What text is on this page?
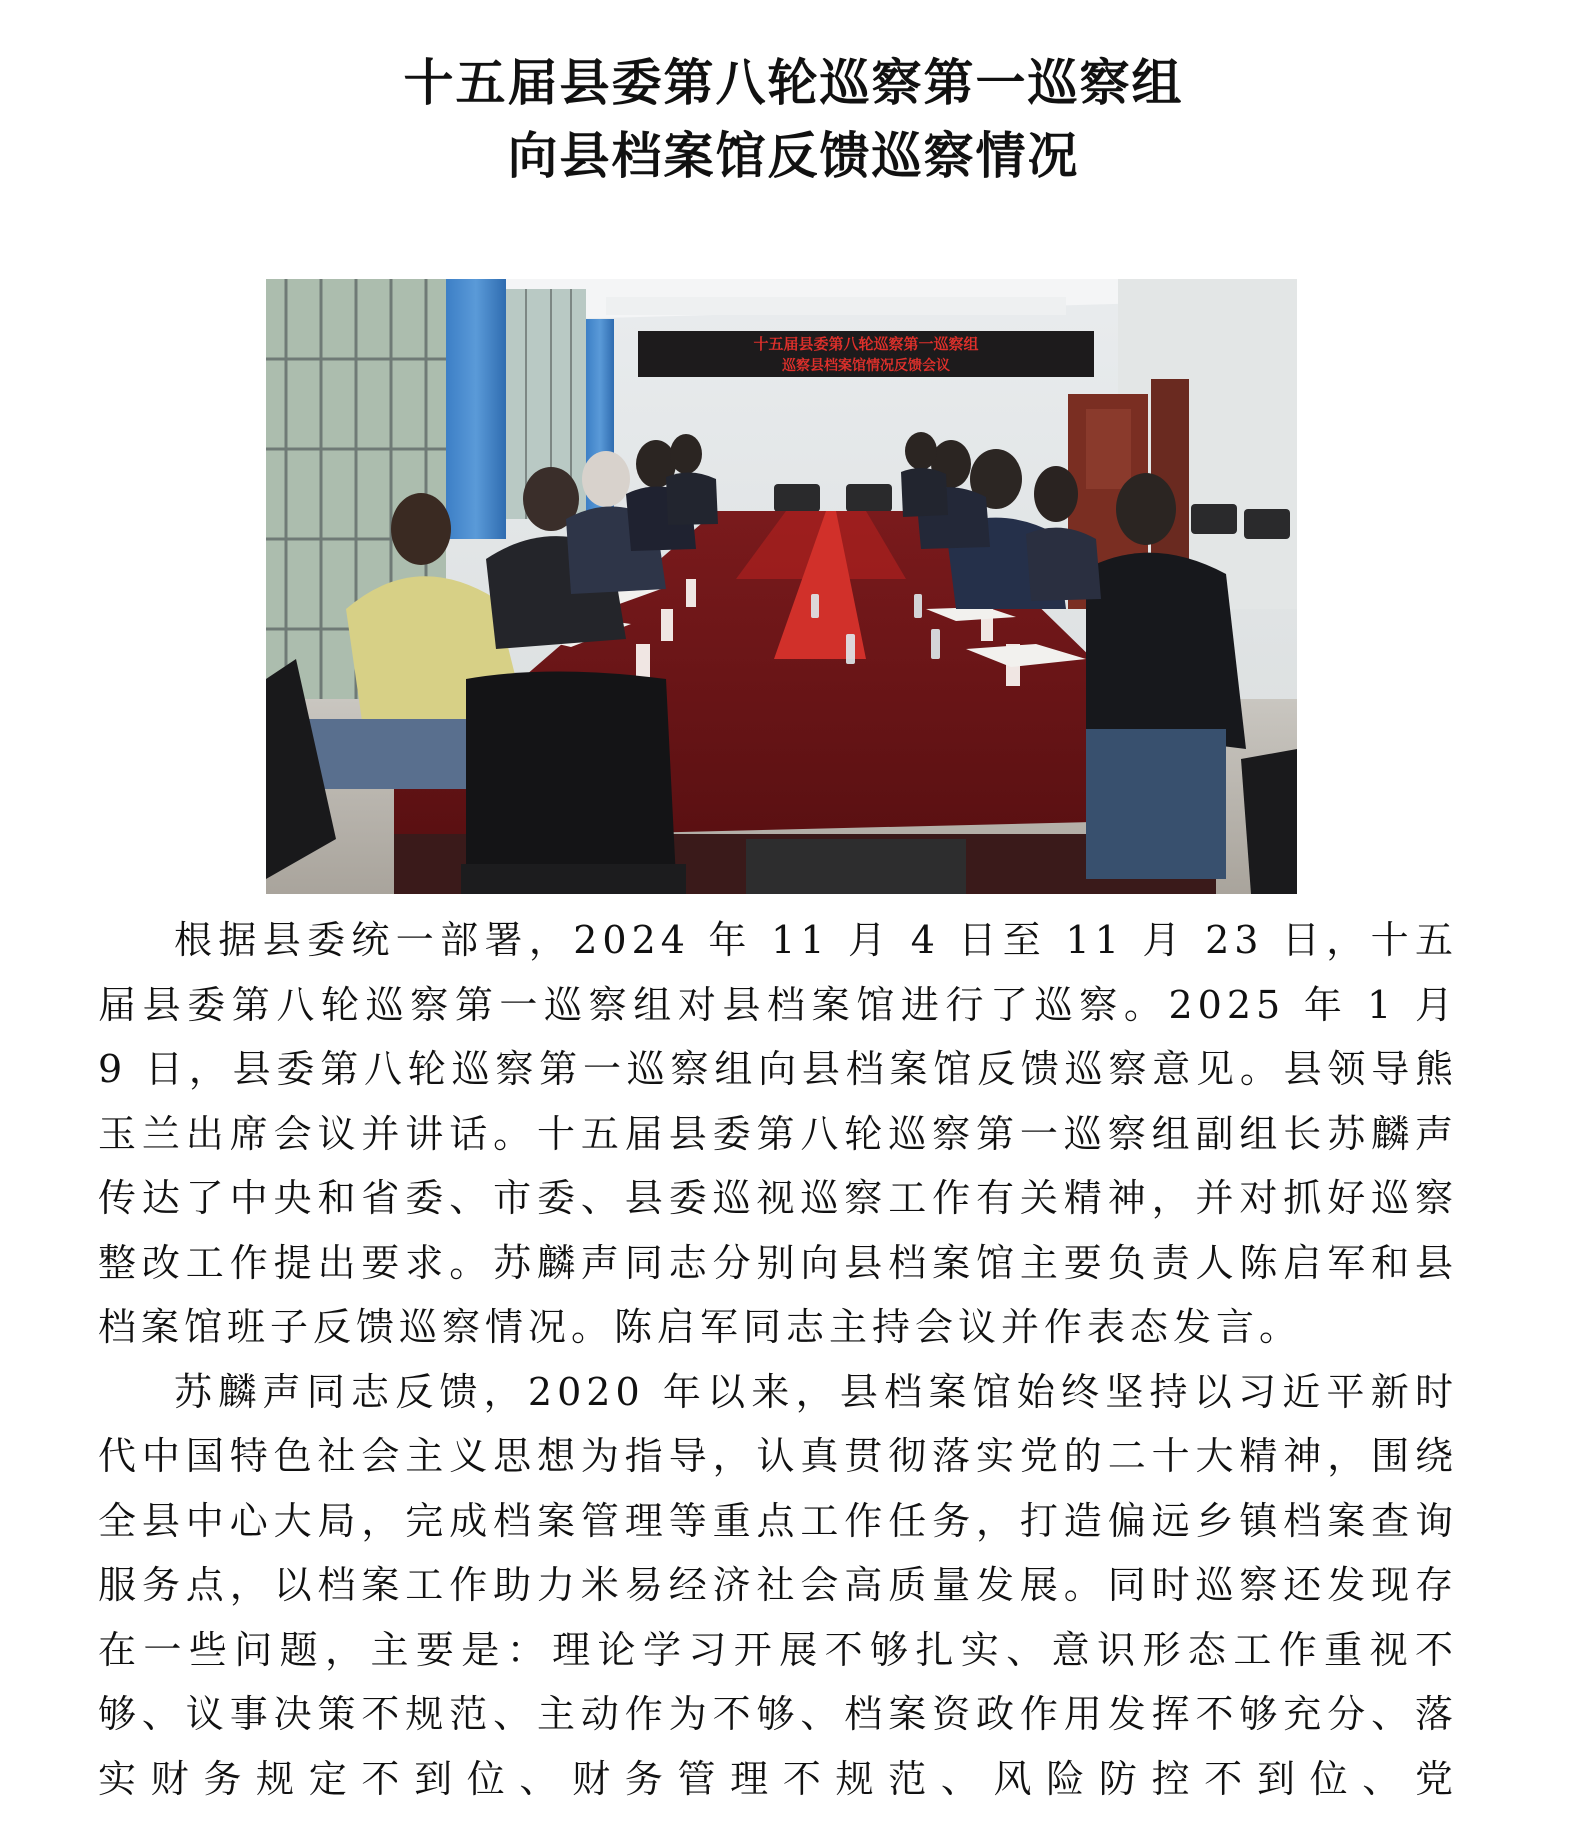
十五届县委第八轮巡察第一巡察组
向县档案馆反馈巡察情况
十五届县委第八轮巡察第一巡察组
巡察县档案馆情况反馈会议

根据县委统一部署，2024 年 11 月 4 日至 11 月 23 日，十五届县委第八轮巡察第一巡察组对县档案馆进行了巡察。2025 年 1 月 9 日，县委第八轮巡察第一巡察组向县档案馆反馈巡察意见。县领导熊玉兰出席会议并讲话。十五届县委第八轮巡察第一巡察组副组长苏麟声传达了中央和省委、市委、县委巡视巡察工作有关精神，并对抓好巡察整改工作提出要求。苏麟声同志分别向县档案馆主要负责人陈启军和县档案馆班子反馈巡察情况。陈启军同志主持会议并作表态发言。

苏麟声同志反馈，2020 年以来，县档案馆始终坚持以习近平新时代中国特色社会主义思想为指导，认真贯彻落实党的二十大精神，围绕全县中心大局，完成档案管理等重点工作任务，打造偏远乡镇档案查询服务点，以档案工作助力米易经济社会高质量发展。同时巡察还发现存在一些问题，主要是：理论学习开展不够扎实、意识形态工作重视不够、议事决策不规范、主动作为不够、档案资政作用发挥不够充分、落实财务规定不到位、财务管理不规范、风险防控不到位、党
